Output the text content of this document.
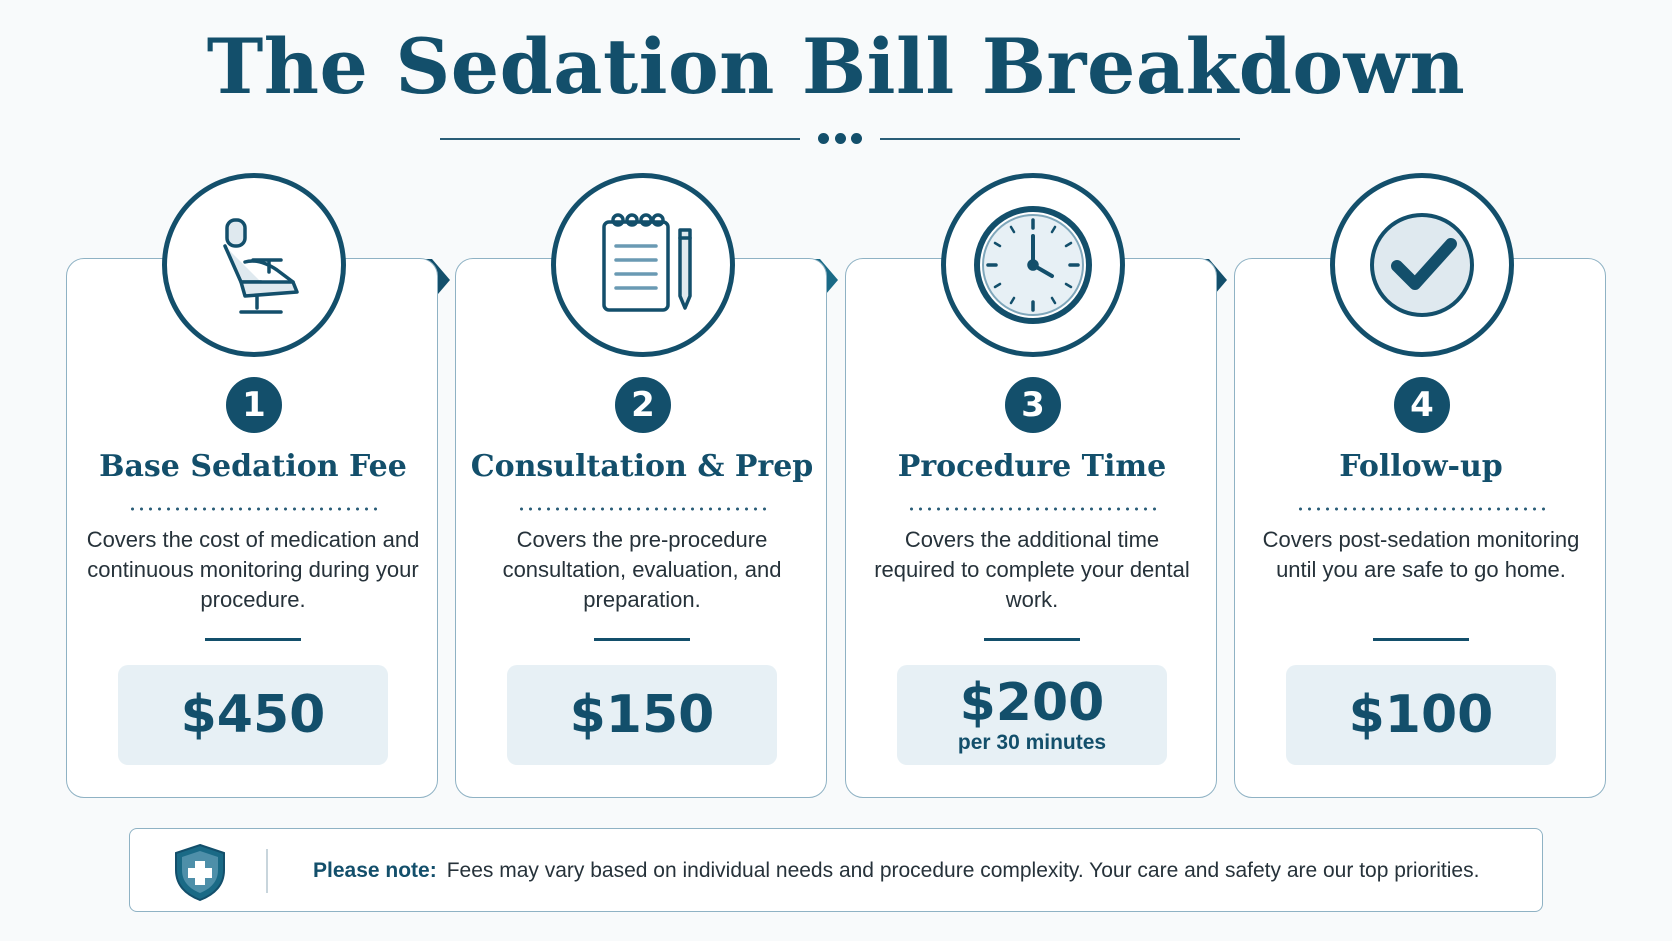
The Sedation Bill Breakdown
Base Sedation Fee
Covers the cost of medication and continuous monitoring during your procedure.
$450
1
Consultation & Prep
Covers the pre-procedure consultation, evaluation, and preparation.
$150
2
Procedure Time
Covers the additional time required to complete your dental work.
$200
per 30 minutes
3
Follow-up
Covers post-sedation monitoring until you are safe to go home.
$100
4
Please note: Fees may vary based on individual needs and procedure complexity. Your care and safety are our top priorities.
